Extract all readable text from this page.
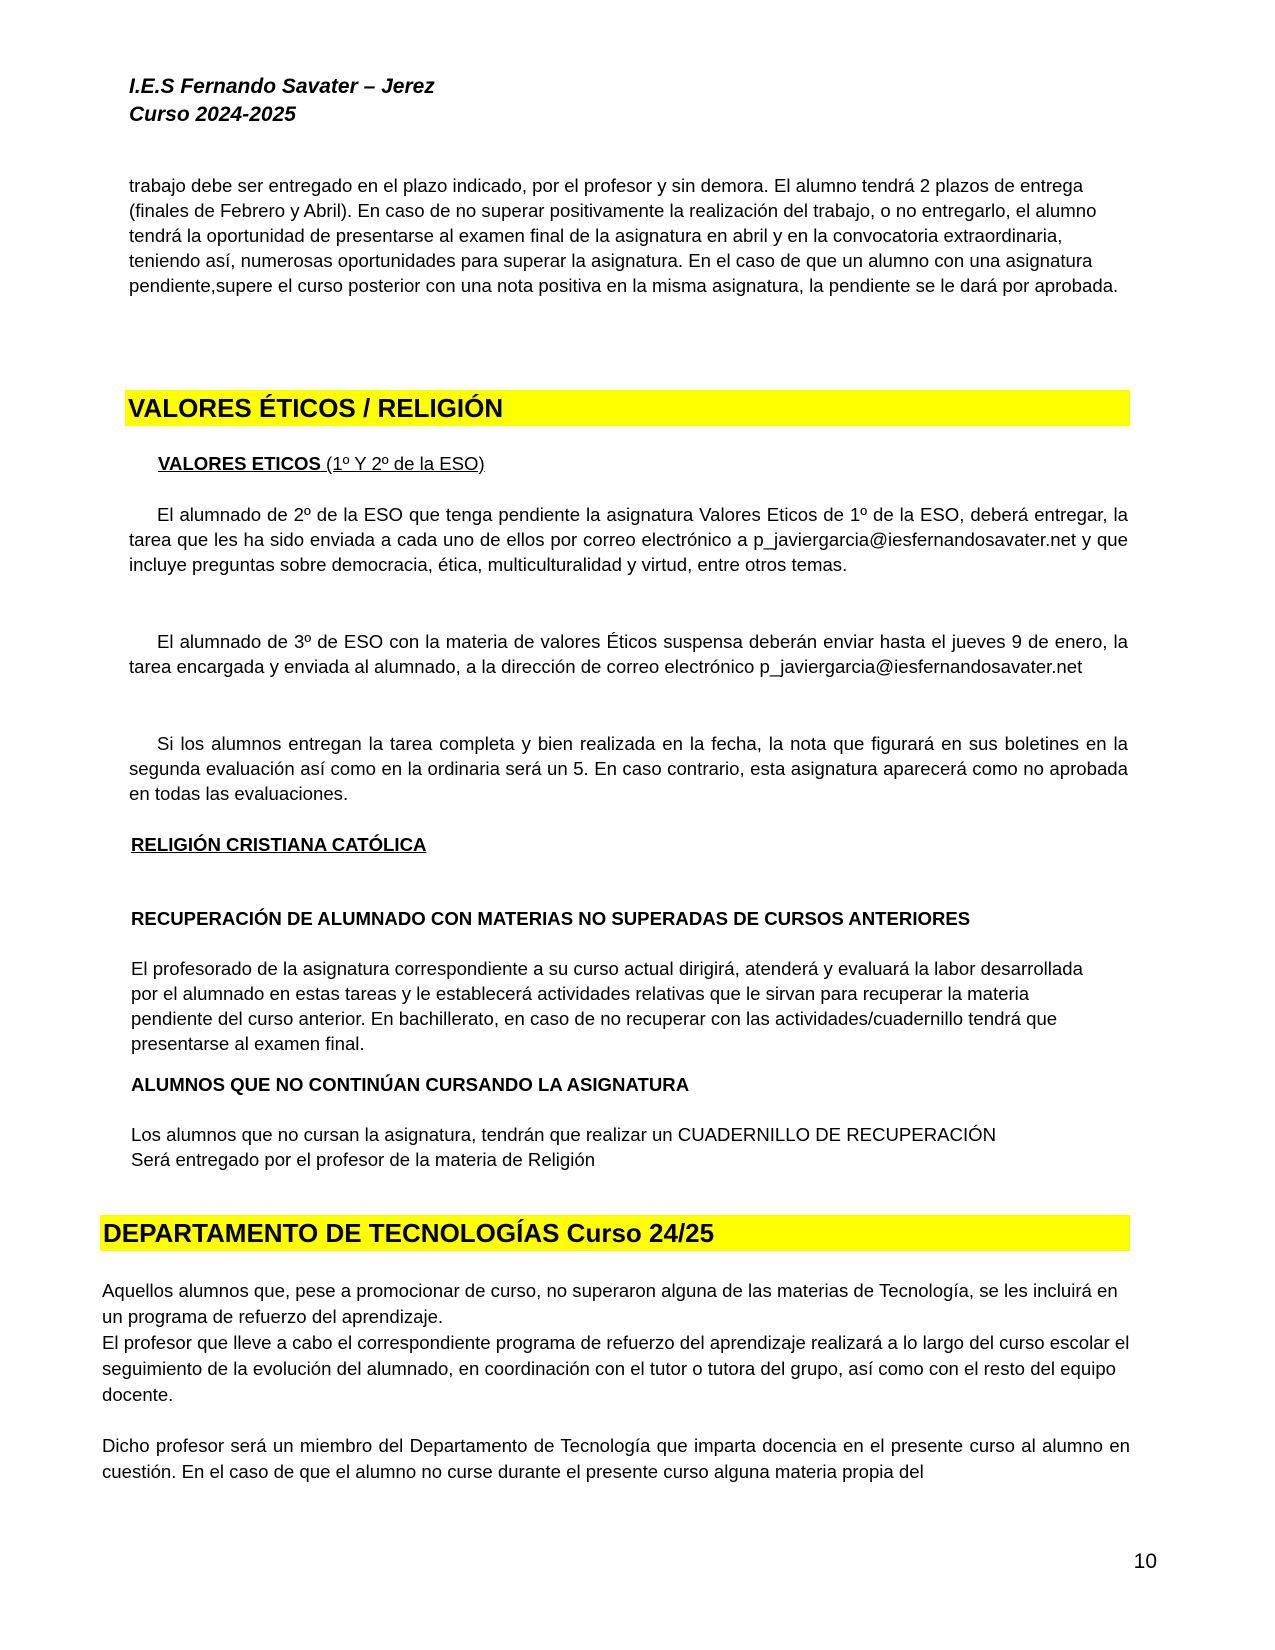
I.E.S Fernando Savater – Jerez
Curso 2024-2025
trabajo debe ser entregado en el plazo indicado, por el profesor y sin demora. El alumno tendrá 2 plazos de entrega (finales de Febrero y Abril). En caso de no superar positivamente la realización del trabajo, o no entregarlo, el alumno tendrá la oportunidad de presentarse al examen final de la asignatura en abril y en la convocatoria extraordinaria, teniendo así, numerosas oportunidades para superar la asignatura. En el caso de que un alumno con una asignatura pendiente,supere el curso posterior con una nota positiva en la misma asignatura, la pendiente se le dará por aprobada.
VALORES ÉTICOS / RELIGIÓN
VALORES ETICOS (1º Y 2º de la ESO)
El alumnado de 2º de la ESO que tenga pendiente la asignatura Valores Eticos de 1º de la ESO, deberá entregar, la tarea que les ha sido enviada a cada uno de ellos por correo electrónico a p_javiergarcia@iesfernandosavater.net y que incluye preguntas sobre democracia, ética, multiculturalidad y virtud, entre otros temas.
El alumnado de 3º de ESO con la materia de valores Éticos suspensa deberán enviar hasta el jueves 9 de enero, la tarea encargada y enviada al alumnado, a la dirección de correo electrónico p_javiergarcia@iesfernandosavater.net
Si los alumnos entregan la tarea completa y bien realizada en la fecha, la nota que figurará en sus boletines en la segunda evaluación así como en la ordinaria será un 5. En caso contrario, esta asignatura aparecerá como no aprobada en todas las evaluaciones.
RELIGIÓN CRISTIANA CATÓLICA
RECUPERACIÓN DE ALUMNADO CON MATERIAS NO SUPERADAS DE CURSOS ANTERIORES
El profesorado de la asignatura correspondiente a su curso actual dirigirá, atenderá y evaluará la labor desarrollada por el alumnado en estas tareas y le establecerá actividades relativas que le sirvan para recuperar la materia pendiente del curso anterior. En bachillerato, en caso de no recuperar con las actividades/cuadernillo tendrá que presentarse al examen final.
ALUMNOS QUE NO CONTINÚAN CURSANDO LA ASIGNATURA
Los alumnos que no cursan la asignatura, tendrán que realizar un CUADERNILLO DE RECUPERACIÓN
Será entregado por el profesor de la materia de Religión
DEPARTAMENTO DE TECNOLOGÍAS Curso 24/25
Aquellos alumnos que, pese a promocionar de curso, no superaron alguna de las materias de Tecnología, se les incluirá en un programa de refuerzo del aprendizaje.
El profesor que lleve a cabo el correspondiente programa de refuerzo del aprendizaje realizará a lo largo del curso escolar el seguimiento de la evolución del alumnado, en coordinación con el tutor o tutora del grupo, así como con el resto del equipo docente.
Dicho profesor será un miembro del Departamento de Tecnología que imparta docencia en el presente curso al alumno en cuestión. En el caso de que el alumno no curse durante el presente curso alguna materia propia del
10
